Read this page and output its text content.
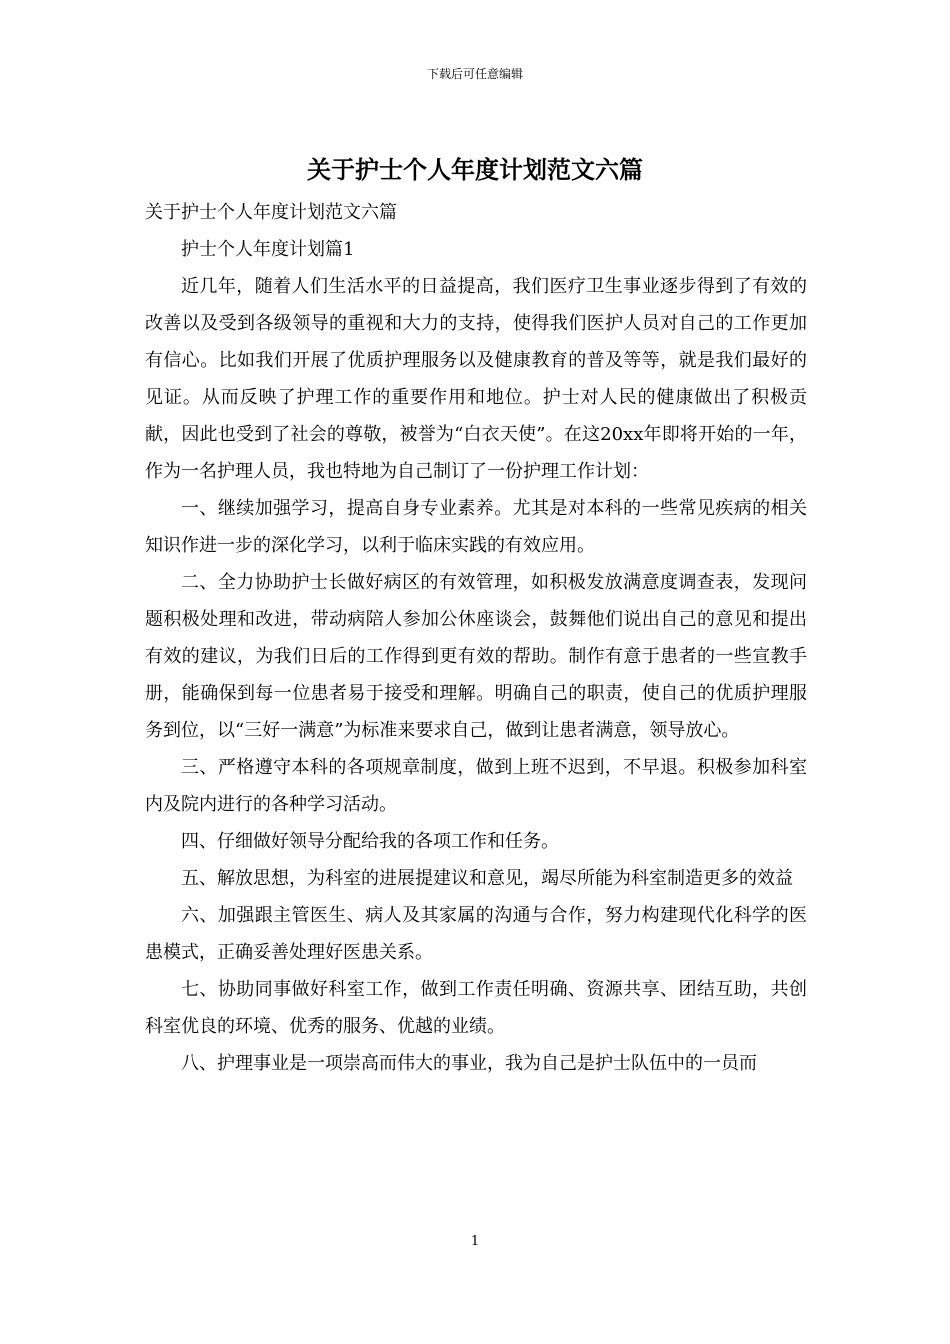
下载后可任意编辑
关于护士个人年度计划范文六篇

关于护士个人年度计划范文六篇

护士个人年度计划篇1

近几年，随着人们生活水平的日益提高，我们医疗卫生事业逐步得到了有效的改善以及受到各级领导的重视和大力的支持，使得我们医护人员对自己的工作更加有信心。比如我们开展了优质护理服务以及健康教育的普及等等，就是我们最好的见证。从而反映了护理工作的重要作用和地位。护士对人民的健康做出了积极贡献，因此也受到了社会的尊敬，被誉为“白衣天使”。在这20xx年即将开始的一年，作为一名护理人员，我也特地为自己制订了一份护理工作计划：

一、继续加强学习，提高自身专业素养。尤其是对本科的一些常见疾病的相关知识作进一步的深化学习，以利于临床实践的有效应用。

二、全力协助护士长做好病区的有效管理，如积极发放满意度调查表，发现问题积极处理和改进，带动病陪人参加公休座谈会，鼓舞他们说出自己的意见和提出有效的建议，为我们日后的工作得到更有效的帮助。制作有意于患者的一些宣教手册，能确保到每一位患者易于接受和理解。明确自己的职责，使自己的优质护理服务到位，以“三好一满意”为标准来要求自己，做到让患者满意，领导放心。

三、严格遵守本科的各项规章制度，做到上班不迟到，不早退。积极参加科室内及院内进行的各种学习活动。

四、仔细做好领导分配给我的各项工作和任务。

五、解放思想，为科室的进展提建议和意见，竭尽所能为科室制造更多的效益

六、加强跟主管医生、病人及其家属的沟通与合作，努力构建现代化科学的医患模式，正确妥善处理好医患关系。

七、协助同事做好科室工作，做到工作责任明确、资源共享、团结互助，共创科室优良的环境、优秀的服务、优越的业绩。

八、护理事业是一项崇高而伟大的事业，我为自己是护士队伍中的一员而

1
